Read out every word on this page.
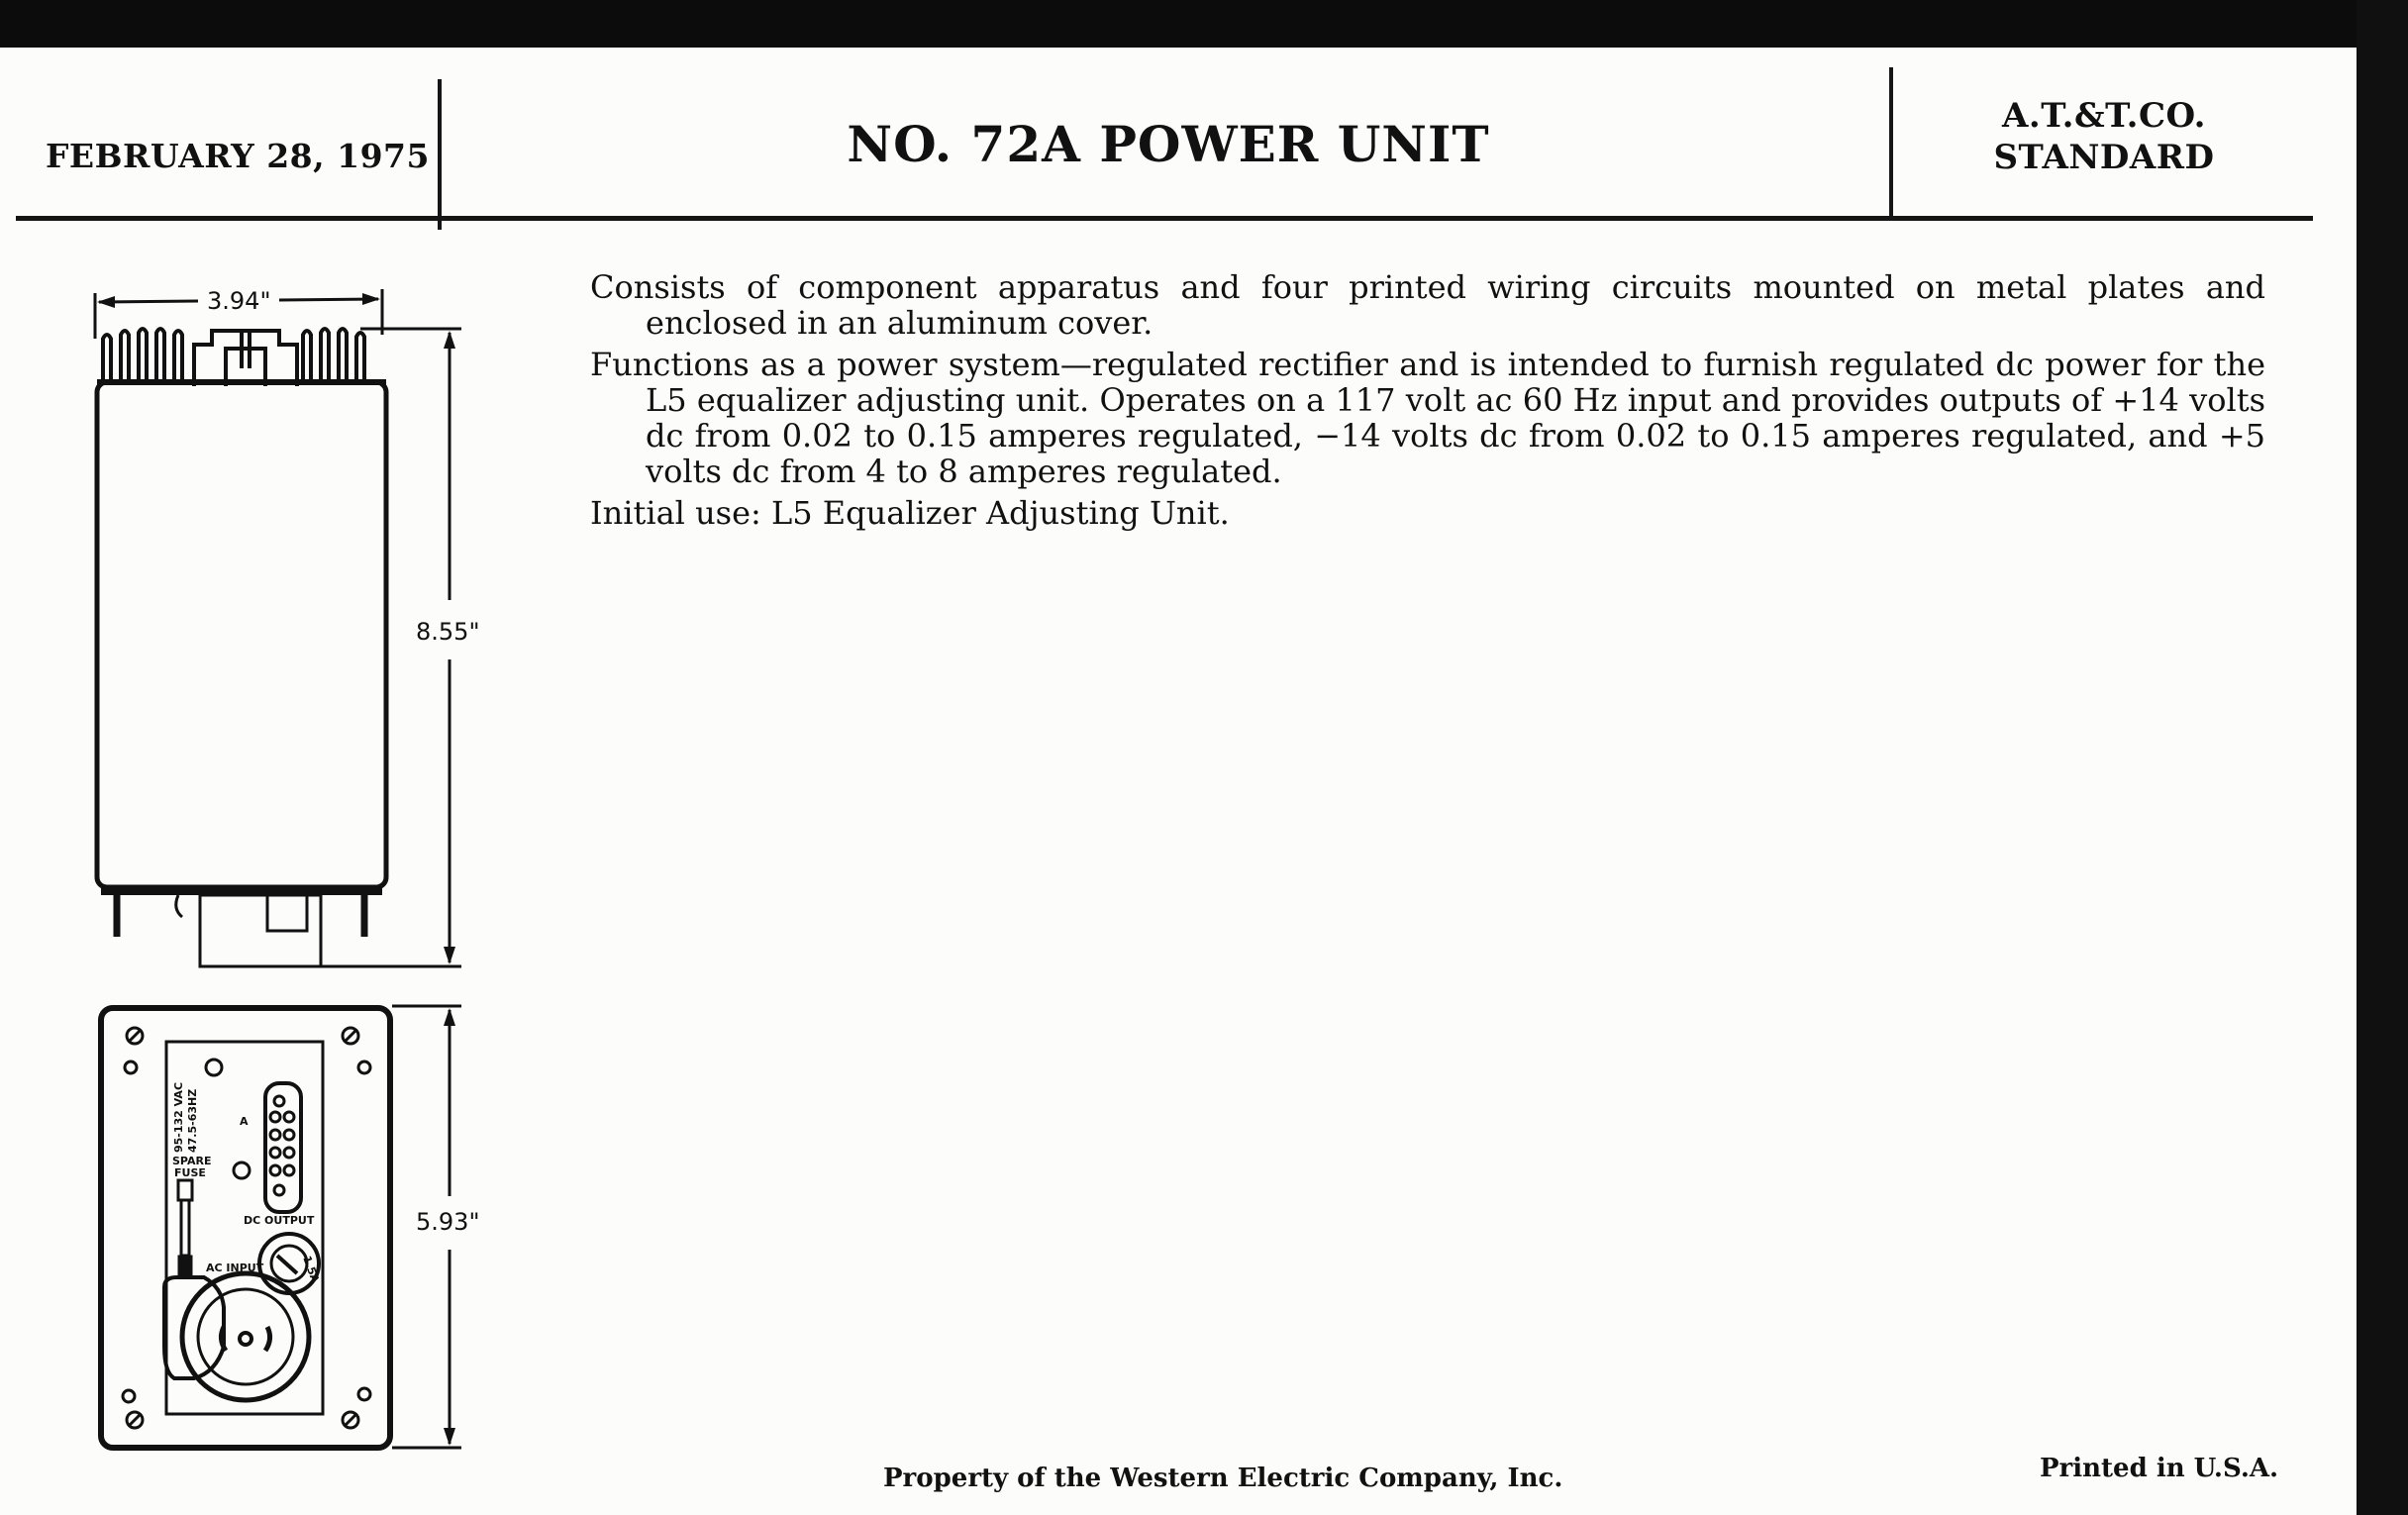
FEBRUARY 28, 1975	NO. 72A POWER UNIT	A.T.&T.CO.
STANDARD

Consists of component apparatus and four printed wiring circuits mounted on metal plates and enclosed in an aluminum cover.

Functions as a power system—regulated rectifier and is intended to furnish regulated dc power for the L5 equalizer adjusting unit. Operates on a 117 volt ac 60 Hz input and provides outputs of +14 volts dc from 0.02 to 0.15 amperes regulated, −14 volts dc from 0.02 to 0.15 amperes regulated, and +5 volts dc from 4 to 8 amperes regulated.

Initial use: L5 Equalizer Adjusting Unit.

3.94"
8.55"
5.93"
95-132 VAC 47.5-63HZ	A
SPARE
FUSE
DC OUTPUT
AC INPUT	1.5A
Property of the Western Electric Company, Inc.	Printed in U.S.A.
